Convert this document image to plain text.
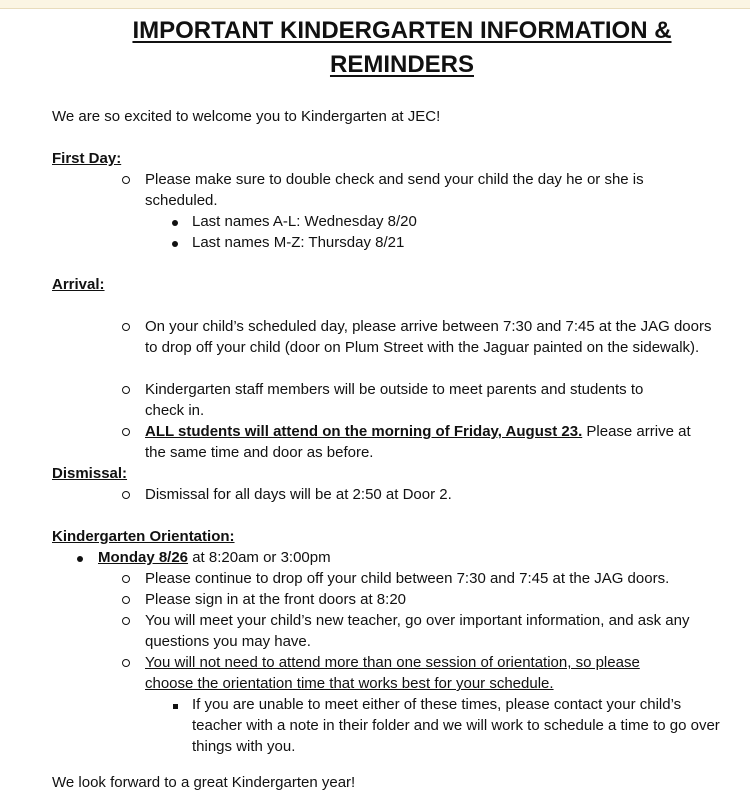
IMPORTANT KINDERGARTEN INFORMATION &
REMINDERS
We are so excited to welcome you to Kindergarten at JEC!
First Day:
Please make sure to double check and send your child the day he or she is scheduled.
Last names A-L: Wednesday 8/20
Last names M-Z: Thursday 8/21
Arrival:
On your child’s scheduled day, please arrive between 7:30 and 7:45 at the JAG doors to drop off your child (door on Plum Street with the Jaguar painted on the sidewalk).
Kindergarten staff members will be outside to meet parents and students to check in.
ALL students will attend on the morning of Friday, August 23. Please arrive at the same time and door as before.
Dismissal:
Dismissal for all days will be at 2:50 at Door 2.
Kindergarten Orientation:
Monday 8/26 at 8:20am or 3:00pm
Please continue to drop off your child between 7:30 and 7:45 at the JAG doors.
Please sign in at the front doors at 8:20
You will meet your child’s new teacher, go over important information, and ask any questions you may have.
You will not need to attend more than one session of orientation, so please choose the orientation time that works best for your schedule.
If you are unable to meet either of these times, please contact your child’s teacher with a note in their folder and we will work to schedule a time to go over things with you.
We look forward to a great Kindergarten year!
